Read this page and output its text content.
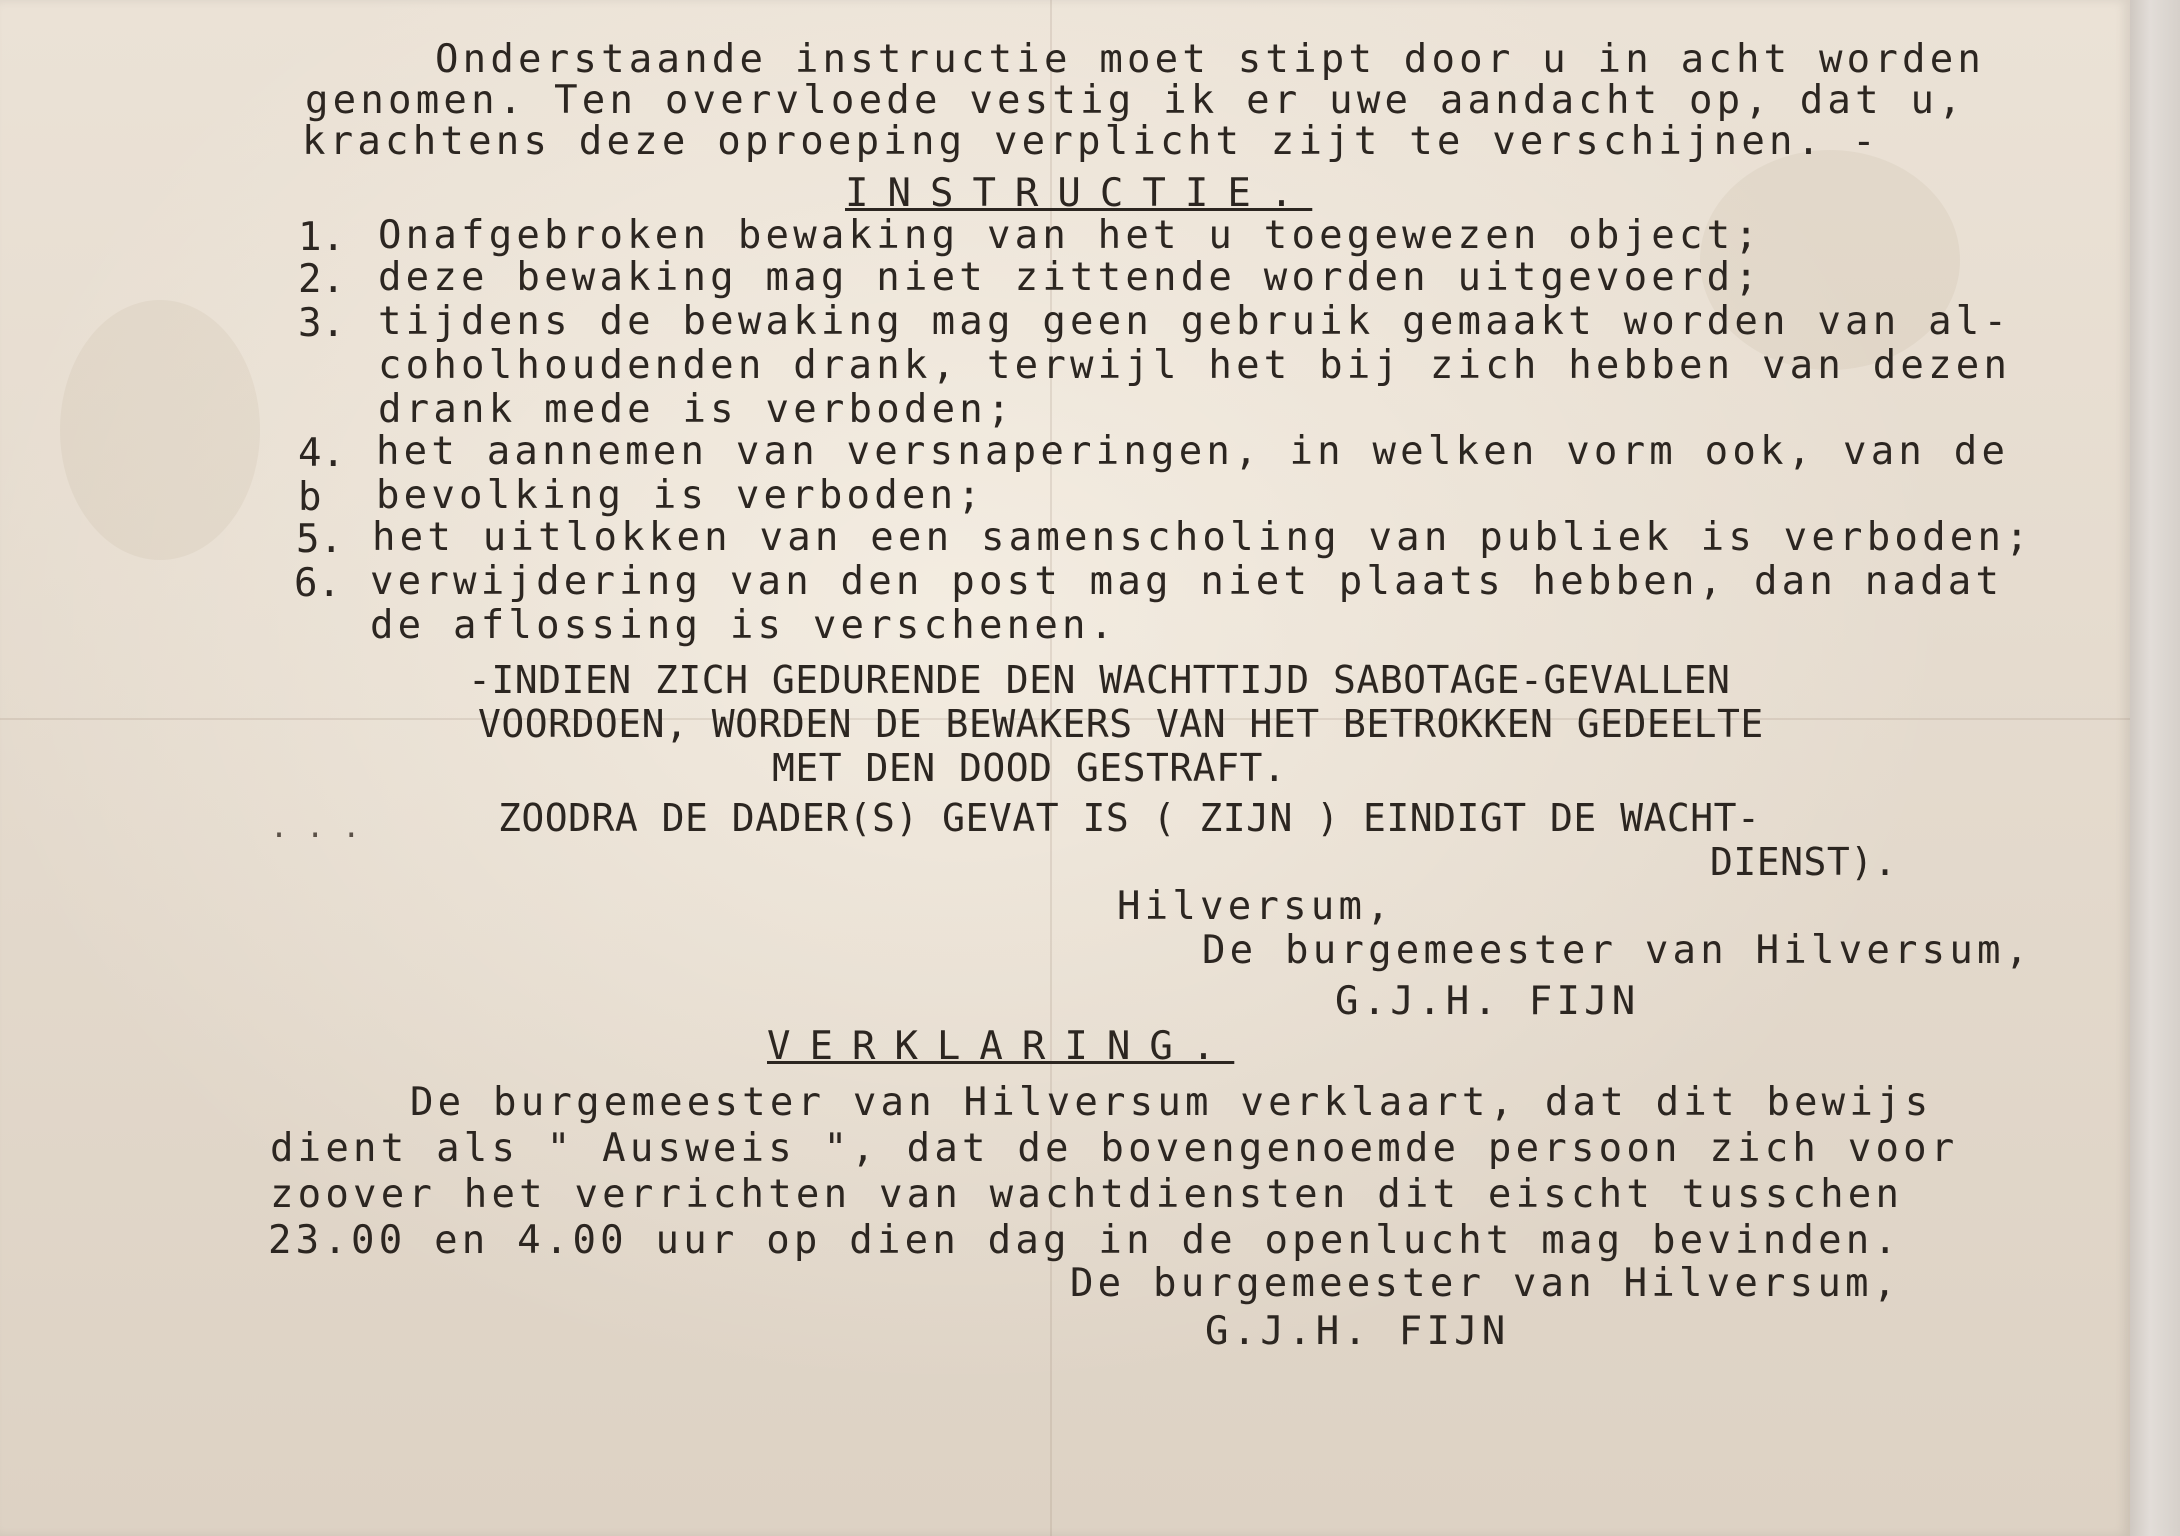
Onderstaande instructie moet stipt door u in acht worden

genomen. Ten overvloede vestig ik er uwe aandacht op, dat u,

krachtens deze oproeping verplicht zijt te verschijnen. -

INSTRUCTIE.

1. Onafgebroken bewaking van het u toegewezen object;

2. deze bewaking mag niet zittende worden uitgevoerd;

3. tijdens de bewaking mag geen gebruik gemaakt worden van al-

coholhoudenden drank, terwijl het bij zich hebben van dezen

drank mede is verboden;

4. het aannemen van versnaperingen, in welken vorm ook, van de

b bevolking is verboden;

5. het uitlokken van een samenscholing van publiek is verboden;

6. verwijdering van den post mag niet plaats hebben, dan nadat

de aflossing is verschenen.

-INDIEN ZICH GEDURENDE DEN WACHTTIJD SABOTAGE-GEVALLEN

VOORDOEN, WORDEN DE BEWAKERS VAN HET BETROKKEN GEDEELTE

MET DEN DOOD GESTRAFT.

ZOODRA DE DADER(S) GEVAT IS ( ZIJN ) EINDIGT DE WACHT-

DIENST).

Hilversum,

De burgemeester van Hilversum,

G.J.H. FIJN

VERKLARING.

De burgemeester van Hilversum verklaart, dat dit bewijs

dient als " Ausweis ", dat de bovengenoemde persoon zich voor

zoover het verrichten van wachtdiensten dit eischt tusschen

23.00 en 4.00 uur op dien dag in de openlucht mag bevinden.

De burgemeester van Hilversum,

G.J.H. FIJN

. . .
